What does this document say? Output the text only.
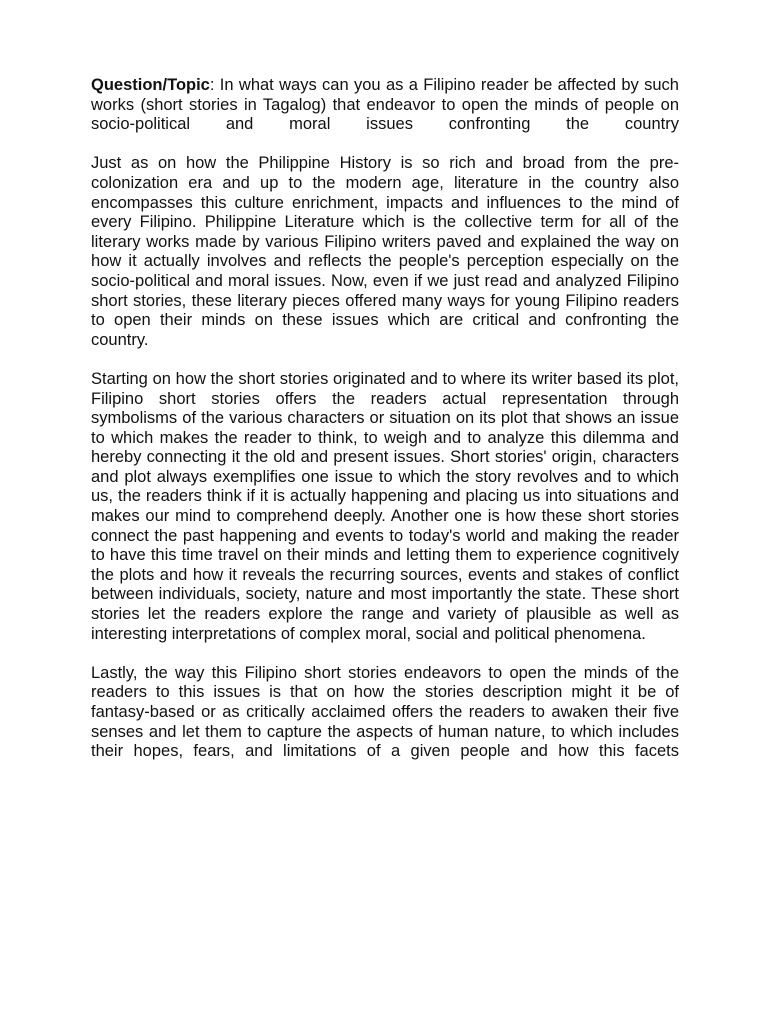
Question/Topic: In what ways can you as a Filipino reader be affected by such works (short stories in Tagalog) that endeavor to open the minds of people on socio-political and moral issues confronting the country

Just as on how the Philippine History is so rich and broad from the pre-colonization era and up to the modern age, literature in the country also encompasses this culture enrichment, impacts and influences to the mind of every Filipino. Philippine Literature which is the collective term for all of the literary works made by various Filipino writers paved and explained the way on how it actually involves and reflects the people's perception especially on the socio-political and moral issues. Now, even if we just read and analyzed Filipino short stories, these literary pieces offered many ways for young Filipino readers to open their minds on these issues which are critical and confronting the country.

Starting on how the short stories originated and to where its writer based its plot, Filipino short stories offers the readers actual representation through symbolisms of the various characters or situation on its plot that shows an issue to which makes the reader to think, to weigh and to analyze this dilemma and hereby connecting it the old and present issues. Short stories' origin, characters and plot always exemplifies one issue to which the story revolves and to which us, the readers think if it is actually happening and placing us into situations and makes our mind to comprehend deeply. Another one is how these short stories connect the past happening and events to today's world and making the reader to have this time travel on their minds and letting them to experience cognitively the plots and how it reveals the recurring sources, events and stakes of conflict between individuals, society, nature and most importantly the state. These short stories let the readers explore the range and variety of plausible as well as interesting interpretations of complex moral, social and political phenomena.

Lastly, the way this Filipino short stories endeavors to open the minds of the readers to this issues is that on how the stories description might it be of fantasy-based or as critically acclaimed offers the readers to awaken their five senses and let them to capture the aspects of human nature, to which includes their hopes, fears, and limitations of a given people and how this facets
